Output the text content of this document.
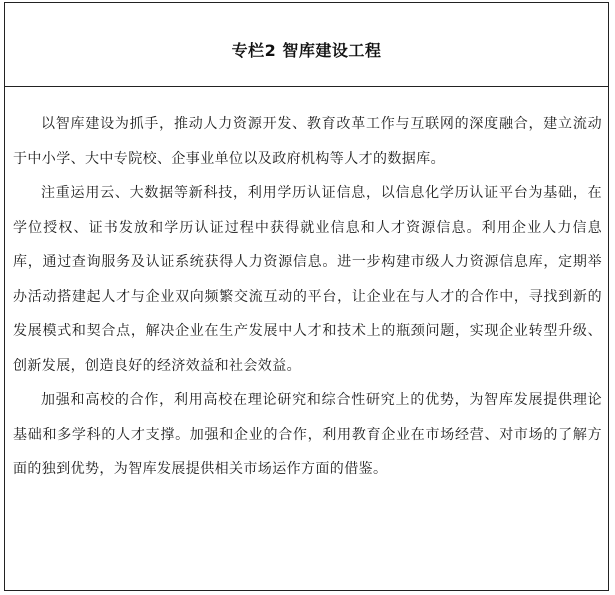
专栏2 智库建设工程

以智库建设为抓手，推动人力资源开发、教育改革工作与互联网的深度融合，建立流动于中小学、大中专院校、企事业单位以及政府机构等人才的数据库。

注重运用云、大数据等新科技，利用学历认证信息，以信息化学历认证平台为基础，在学位授权、证书发放和学历认证过程中获得就业信息和人才资源信息。利用企业人力信息库，通过查询服务及认证系统获得人力资源信息。进一步构建市级人力资源信息库，定期举办活动搭建起人才与企业双向频繁交流互动的平台，让企业在与人才的合作中，寻找到新的发展模式和契合点，解决企业在生产发展中人才和技术上的瓶颈问题，实现企业转型升级、创新发展，创造良好的经济效益和社会效益。

加强和高校的合作，利用高校在理论研究和综合性研究上的优势，为智库发展提供理论基础和多学科的人才支撑。加强和企业的合作，利用教育企业在市场经营、对市场的了解方面的独到优势，为智库发展提供相关市场运作方面的借鉴。
